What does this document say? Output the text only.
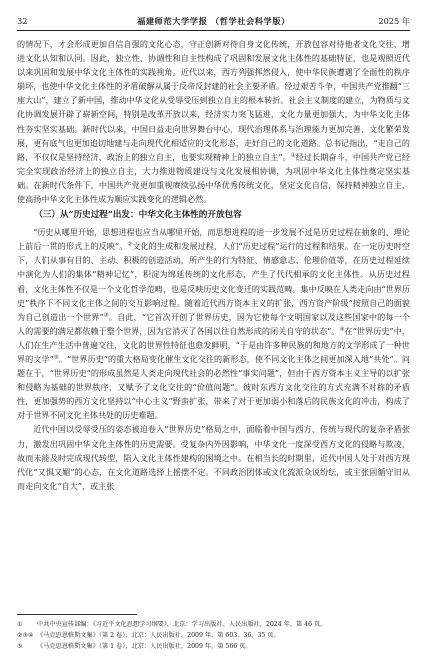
32	福建师范大学学报 （哲学社会科学版）	2025 年

的情况下，才会形成更加自信自强的文化心态，守正创新对待自身文化传统，开放包容对待他者文化交往，增进文化认知和认同。因此，独立性、协调性和自主性构成了巩固和发展文化主体性的基础特征，也是观照近代以来巩固和发展中华文化主体性的实践视角。近代以来，西方列强挥然侵入，使中华民族遭遇了全面性的秩序崩坏，也使中华文化主体性的矛盾破解从属于反帝反封建的社会主要矛盾。经过艰苦斗争，中国共产党推翻“三座大山”，建立了新中国，推动中华文化从受辱受压到独立自主的根本转折。社会主义制度的建立，为物质与文化协调发展开辟了崭新空间，特别是改革开放以来，经济实力突飞猛进，文化力量更加强大，为中华文化主体性夯实坚实基础。新时代以来，中国日益走向世界舞台中心，现代治理体系与治理能力更加完善，文化繁荣发展，更有底气也更加追切地建与走向现代化相适应的文化形态，走好自己的文化道路。总书记指出，“走自己的路，不仅仅是坚持经济、政治上的独立自主，也要实现精神上的独立自主”。①经过长期奋斗，中国共产党已经完全实现政治经济上的独立自主，大力推进物质建设与文化发展相协调，为巩固中华文化主体性奠定坚实基础。在新时代条件下，中国共产党更加重视赓续弘扬中华优秀传统文化，坚定文化自信，保持精神独立自主，使高扬中华文化主体性成为顺应实践变化的逻辑必然。

（三）从“历史过程”出发：中华文化主体性的开放包容

“历史从哪里开始，思想进程也应当从哪里开始，而思想进程的进一步发展不过是历史过程在抽象的、理论上前后一贯的形式上的反映”。②文化的生成和发展过程，人们“历史过程”运行的过程和结果。在一定历史时空下，人们从事有目的、主动、积极的创造活动，所产生的行为特征、情感意志、伦理价值等，在历史过程延续中演化为人们的集体“精神记忆”，积淀为绵延传统的文化形态，产生了代代相承的文化主体性。从历史过程看，文化主体性不仅是一个文化哲学范畴，也是反映历史文化变迁的实践范畴。集中反映在人类走向由“世界历史”秩序下不同文化主体之间的交互影响过程。随着近代西方资本主义的扩张，西方资产阶级“按照自己的面貌为自己创造出一个世界”③。自此，“它首次开创了世界历史，因为它使每个文明国家以及这些国家中的每一个人的需要的满足都依赖于整个世界，因为它消灭了各国以往自然形成的闭关自守的状态”。④在“世界历史”中，人们在生产生活中普遍交往，文化的世界性特征也愈发鲜明，“于是由许多种民族的和地方的文学形成了一种世界的文学”⑤。“世界历史”的重大格局变化催生文化交往的新形态，使不同文化主体之间更加深入地“共处”。问题在于，“世界历史”的形成虽然是人类走向现代社会的必然性“事实问题”，但由于西方资本主义主导的以扩张和侵略为基础的世界秩序，又赋予了文化交往的“价值问题”。彼时东西方文化交往的方式充满不对称的矛盾性，更加强势的西方文化坚持以“中心主义”野蛮扩张，带来了对于更加弱小和落后的民族文化的冲击，构成了对于世界不同文化主体共处的历史难题。

近代中国以受辱受压的姿态被迫卷入“世界历史”格局之中，面临着中国与西方、传统与现代的复杂矛盾张力，激发出巩固中华文化主体性的历史需要。受复杂内外因影响，中华文化一度深受西方文化的侵略与欺凌，故而未能及时完成现代转型，陷入文化主体性建构的困境之中。在相当长的时期里，近代中国人处于对西方现代化“又惧又媚”的心态，在文化道路选择上摇摆不定。不同政治团体或文化流派众说纷纭，或主张固循守旧从而走向文化“自大”，或主张

①	中共中央宣传部编：《习近平文化思想学习纲要》，北京：学习出版社、人民出版社，2024 年，第 46 页。
②③④ 《马克思恩格斯文集》（第 2 卷），北京：人民出版社，2009 年，第 603、36、35 页。
⑤	《马克思恩格斯文集》（第 1 卷），北京：人民出版社，2009 年，第 566 页。
